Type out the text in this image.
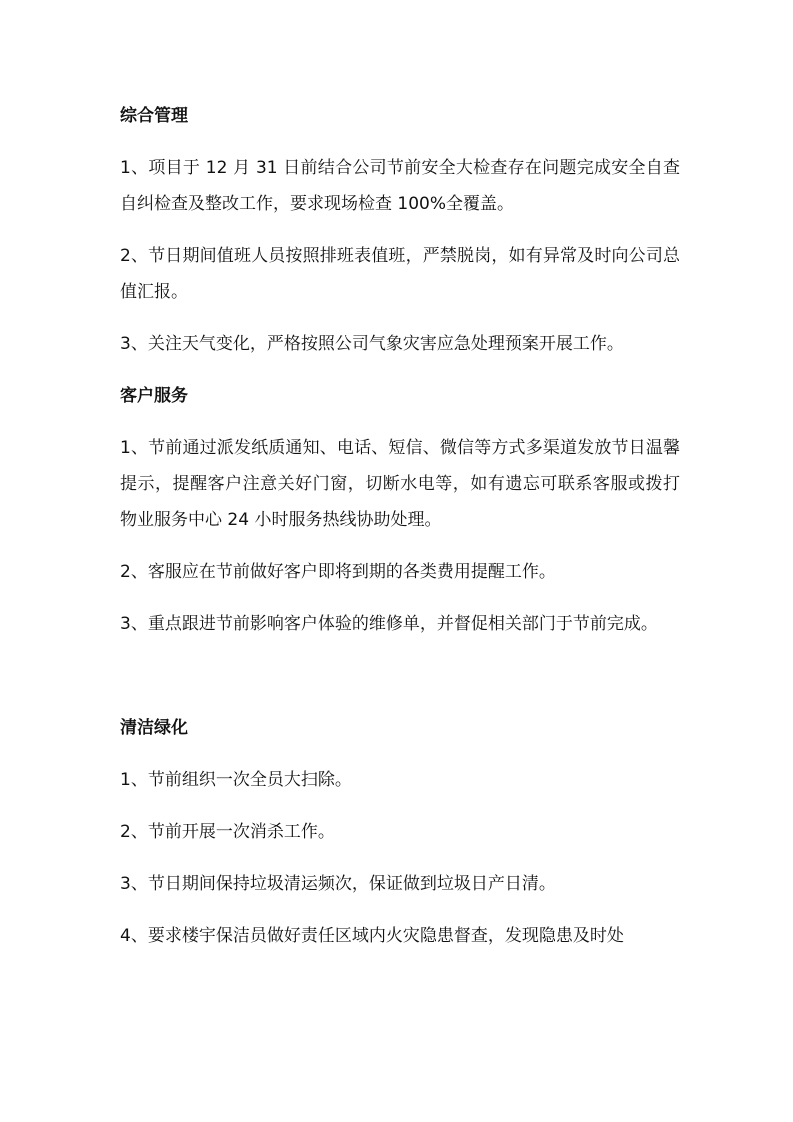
综合管理
1、项目于 12 月 31 日前结合公司节前安全大检查存在问题完成安全自查自纠检查及整改工作，要求现场检查 100%全覆盖。
2、节日期间值班人员按照排班表值班，严禁脱岗，如有异常及时向公司总值汇报。
3、关注天气变化，严格按照公司气象灾害应急处理预案开展工作。
客户服务
1、节前通过派发纸质通知、电话、短信、微信等方式多渠道发放节日温馨提示，提醒客户注意关好门窗，切断水电等，如有遗忘可联系客服或拨打物业服务中心 24 小时服务热线协助处理。
2、客服应在节前做好客户即将到期的各类费用提醒工作。
3、重点跟进节前影响客户体验的维修单，并督促相关部门于节前完成。
清洁绿化
1、节前组织一次全员大扫除。
2、节前开展一次消杀工作。
3、节日期间保持垃圾清运频次，保证做到垃圾日产日清。
4、要求楼宇保洁员做好责任区域内火灾隐患督查，发现隐患及时处
